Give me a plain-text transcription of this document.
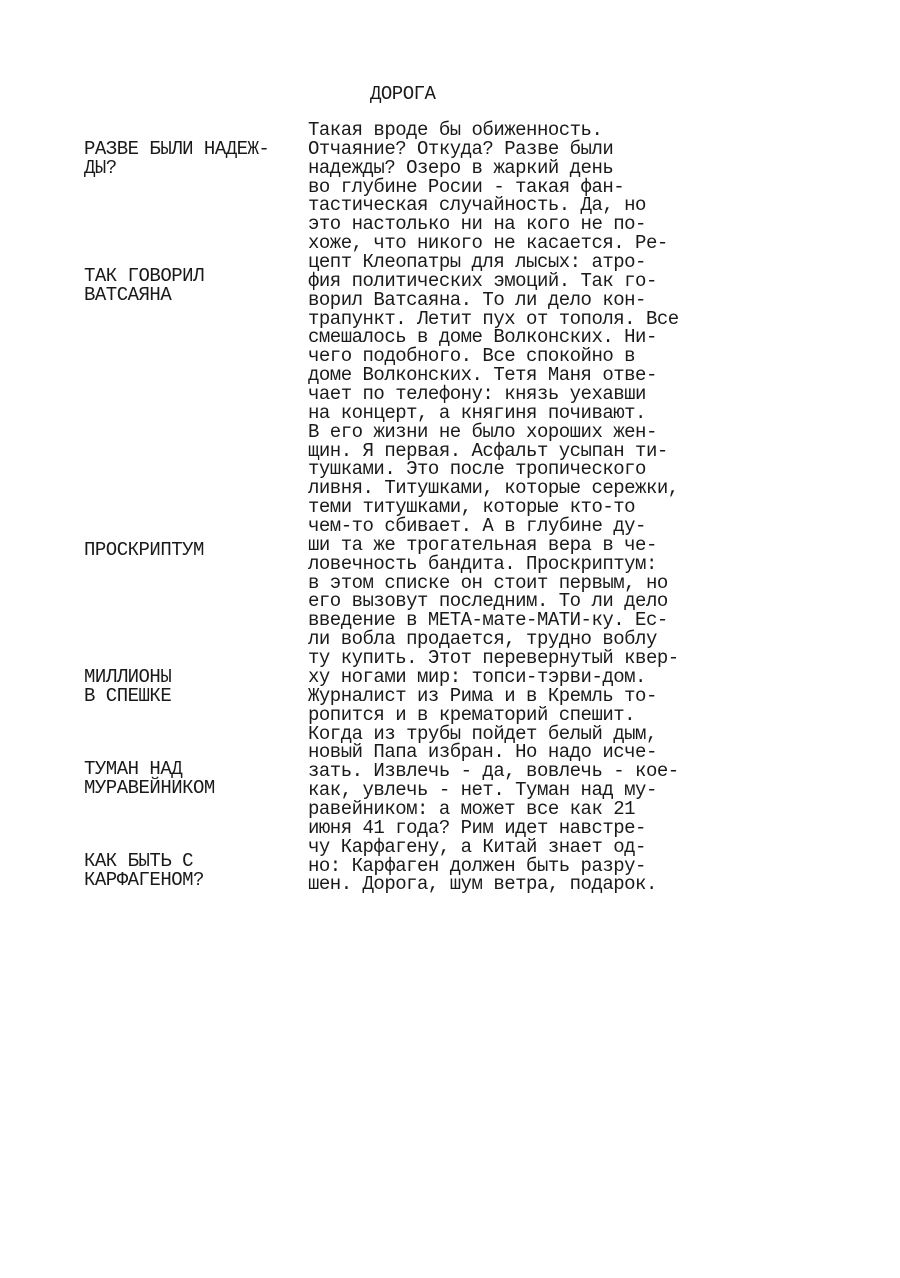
ДОРОГА
РАЗВЕ БЫЛИ НАДЕЖ-
ДЫ?
ТАК ГОВОРИЛ
ВАТСАЯНА
ПРОСКРИПТУМ
МИЛЛИОНЫ
В СПЕШКЕ
ТУМАН НАД
МУРАВЕЙНИКОМ
КАК БЫТЬ С
КАРФАГЕНОМ?
Такая вроде бы обиженность.
Отчаяние? Откуда? Разве были
надежды? Озеро в жаркий день
во глубине Росии - такая фан-
тастическая случайность. Да, но
это настолько ни на кого не по-
хоже, что никого не касается. Ре-
цепт Клеопатры для лысых: атро-
фия политических эмоций. Так го-
ворил Ватсаяна. То ли дело кон-
трапункт. Летит пух от тополя. Все
смешалось в доме Волконских. Ни-
чего подобного. Все спокойно в
доме Волконских. Тетя Маня отве-
чает по телефону: князь уехавши
на концерт, а княгиня почивают.
В его жизни не было хороших жен-
щин. Я первая. Асфальт усыпан ти-
тушками. Это после тропического
ливня. Титушками, которые сережки,
теми титушками, которые кто-то
чем-то сбивает. А в глубине ду-
ши та же трогательная вера в че-
ловечность бандита. Проскриптум:
в этом списке он стоит первым, но
его вызовут последним. То ли дело
введение в МЕТА-мате-МАТИ-ку. Ес-
ли вобла продается, трудно воблу
ту купить. Этот перевернутый квер-
ху ногами мир: топси-тэрви-дом.
Журналист из Рима и в Кремль то-
ропится и в крематорий спешит.
Когда из трубы пойдет белый дым,
новый Папа избран. Но надо исче-
зать. Извлечь - да, вовлечь - кое-
как, увлечь - нет. Туман над му-
равейником: а может все как 21
июня 41 года? Рим идет навстре-
чу Карфагену, а Китай знает од-
но: Карфаген должен быть разру-
шен. Дорога, шум ветра, подарок.
